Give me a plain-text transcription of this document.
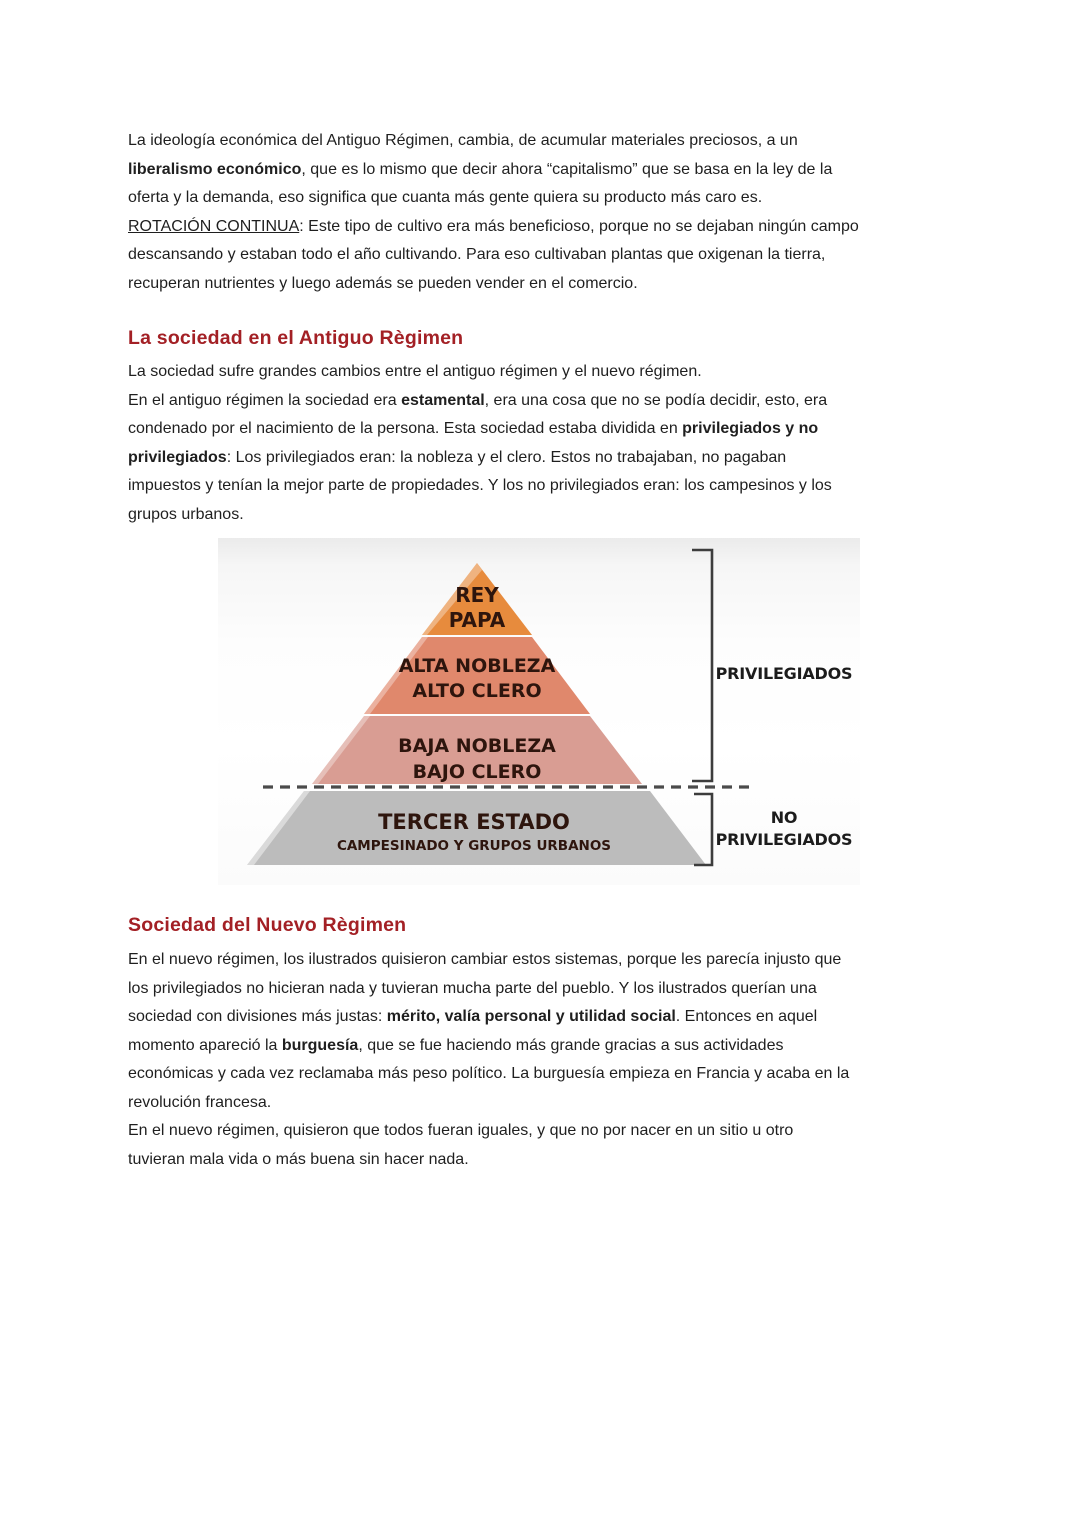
La ideología económica del Antiguo Régimen, cambia, de acumular materiales preciosos, a un
liberalismo económico, que es lo mismo que decir ahora “capitalismo” que se basa en la ley de la
oferta y la demanda, eso significa que cuanta más gente quiera su producto más caro es.
ROTACIÓN CONTINUA: Este tipo de cultivo era más beneficioso, porque no se dejaban ningún campo
descansando y estaban todo el año cultivando. Para eso cultivaban plantas que oxigenan la tierra,
recuperan nutrientes y luego además se pueden vender en el comercio.
La sociedad en el Antiguo Règimen
La sociedad sufre grandes cambios entre el antiguo régimen y el nuevo régimen.
En el antiguo régimen la sociedad era estamental, era una cosa que no se podía decidir, esto, era
condenado por el nacimiento de la persona. Esta sociedad estaba dividida en privilegiados y no
privilegiados: Los privilegiados eran: la nobleza y el clero. Estos no trabajaban, no pagaban
impuestos y tenían la mejor parte de propiedades. Y los no privilegiados eran: los campesinos y los
grupos urbanos.
REY
PAPA
ALTA NOBLEZA
ALTO CLERO
BAJA NOBLEZA
BAJO CLERO
TERCER ESTADO
CAMPESINADO Y GRUPOS URBANOS
PRIVILEGIADOS
NO
PRIVILEGIADOS
Sociedad del Nuevo Règimen
En el nuevo régimen, los ilustrados quisieron cambiar estos sistemas, porque les parecía injusto que
los privilegiados no hicieran nada y tuvieran mucha parte del pueblo. Y los ilustrados querían una
sociedad con divisiones más justas: mérito, valía personal y utilidad social. Entonces en aquel
momento apareció la burguesía, que se fue haciendo más grande gracias a sus actividades
económicas y cada vez reclamaba más peso político. La burguesía empieza en Francia y acaba en la
revolución francesa.
En el nuevo régimen, quisieron que todos fueran iguales, y que no por nacer en un sitio u otro
tuvieran mala vida o más buena sin hacer nada.
